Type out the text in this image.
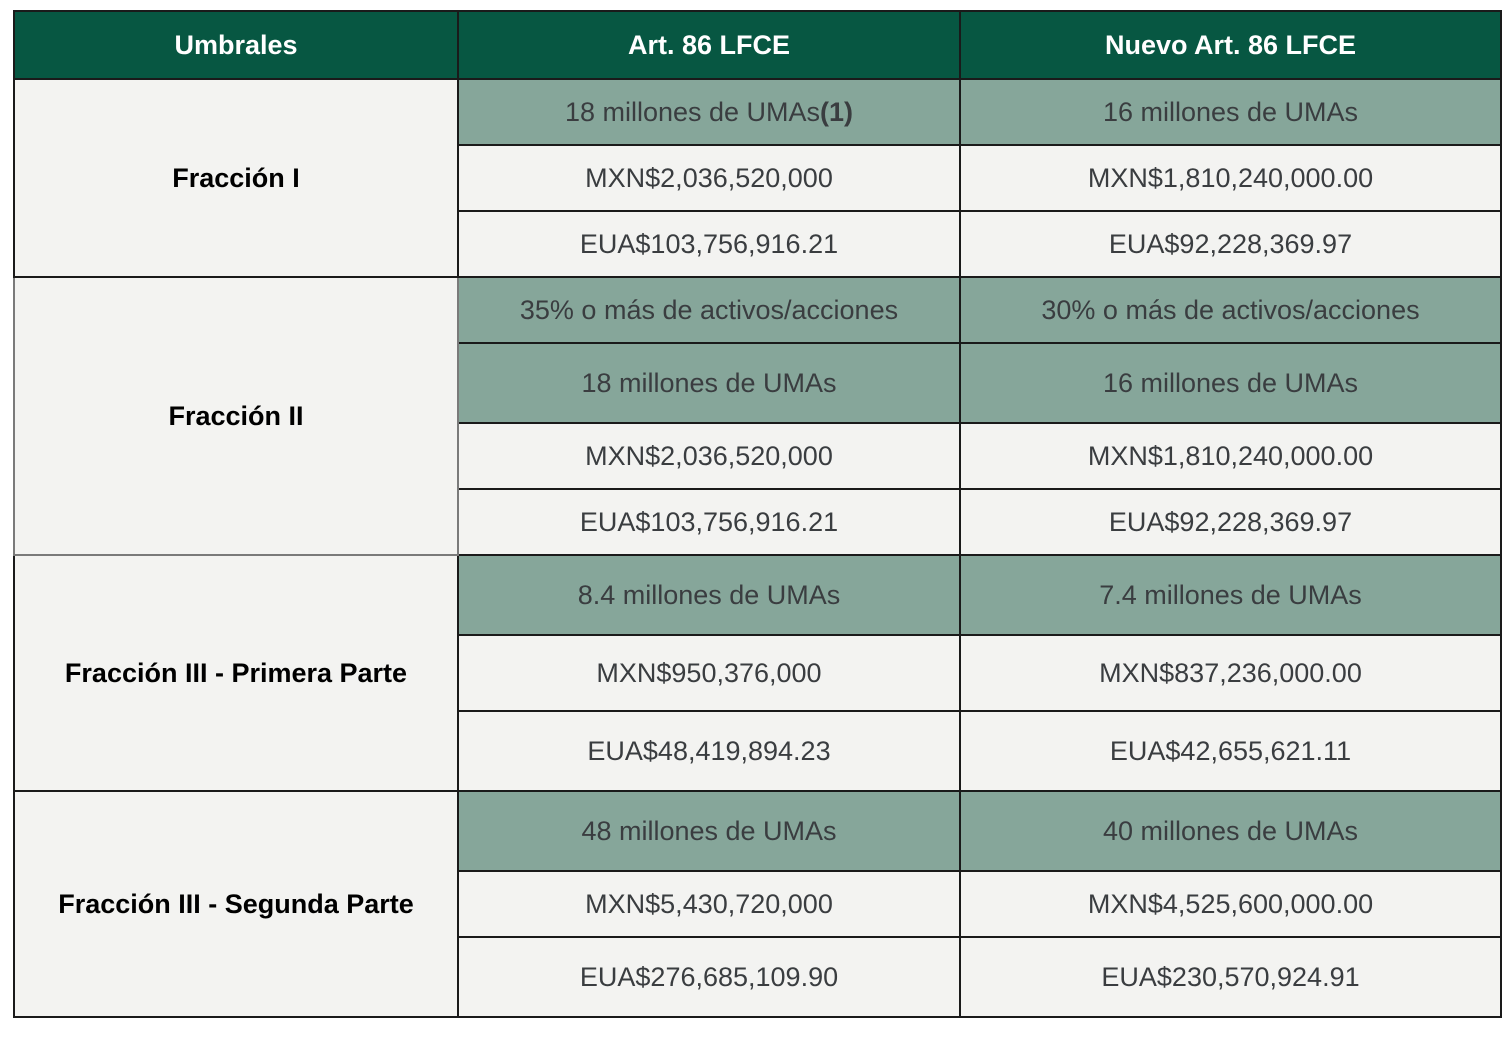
Umbrales	Art. 86 LFCE	Nuevo Art. 86 LFCE
Fracción I	18 millones de UMAs(1)	16 millones de UMAs
	MXN$2,036,520,000	MXN$1,810,240,000.00
	EUA$103,756,916.21	EUA$92,228,369.97
Fracción II	35% o más de activos/acciones	30% o más de activos/acciones
	18 millones de UMAs	16 millones de UMAs
	MXN$2,036,520,000	MXN$1,810,240,000.00
	EUA$103,756,916.21	EUA$92,228,369.97
Fracción III - Primera Parte	8.4 millones de UMAs	7.4 millones de UMAs
	MXN$950,376,000	MXN$837,236,000.00
	EUA$48,419,894.23	EUA$42,655,621.11
Fracción III - Segunda Parte	48 millones de UMAs	40 millones de UMAs
	MXN$5,430,720,000	MXN$4,525,600,000.00
	EUA$276,685,109.90	EUA$230,570,924.91
